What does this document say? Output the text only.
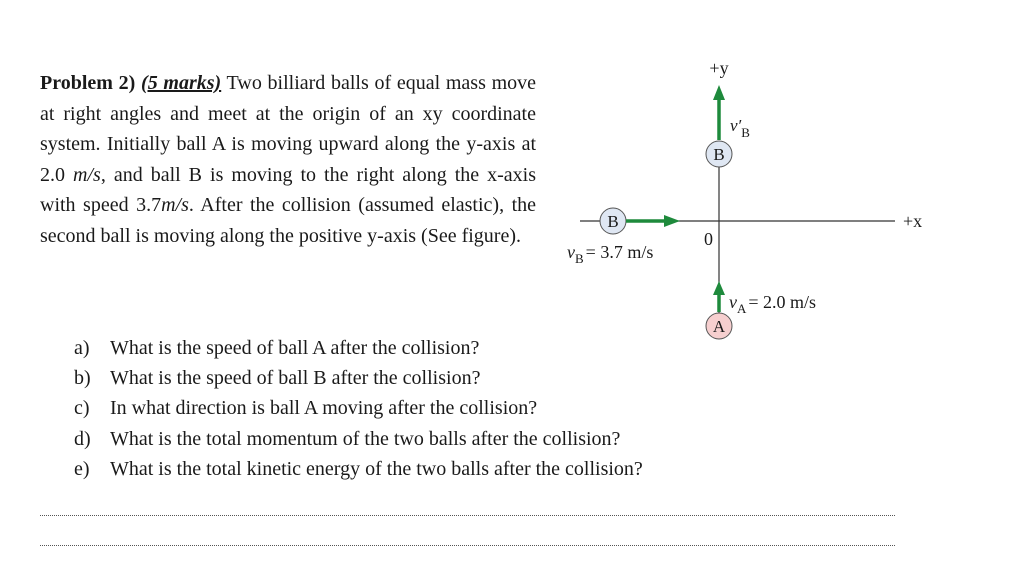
Problem 2) (5 marks) Two billiard balls of equal mass move at right angles and meet at the origin of an xy coordinate system. Initially ball A is moving upward along the y-axis at 2.0 m/s, and ball B is moving to the right along the x-axis with speed 3.7m/s. After the collision (assumed elastic), the second ball is moving along the positive y-axis (See figure).
a) What is the speed of ball A after the collision?
b) What is the speed of ball B after the collision?
c) In what direction is ball A moving after the collision?
d) What is the total momentum of the two balls after the collision?
e) What is the total kinetic energy of the two balls after the collision?
+y
+x
0
$v'_B$
B
B
$v_B = 3.7$ m/s
A
$v_A = 2.0$ m/s
